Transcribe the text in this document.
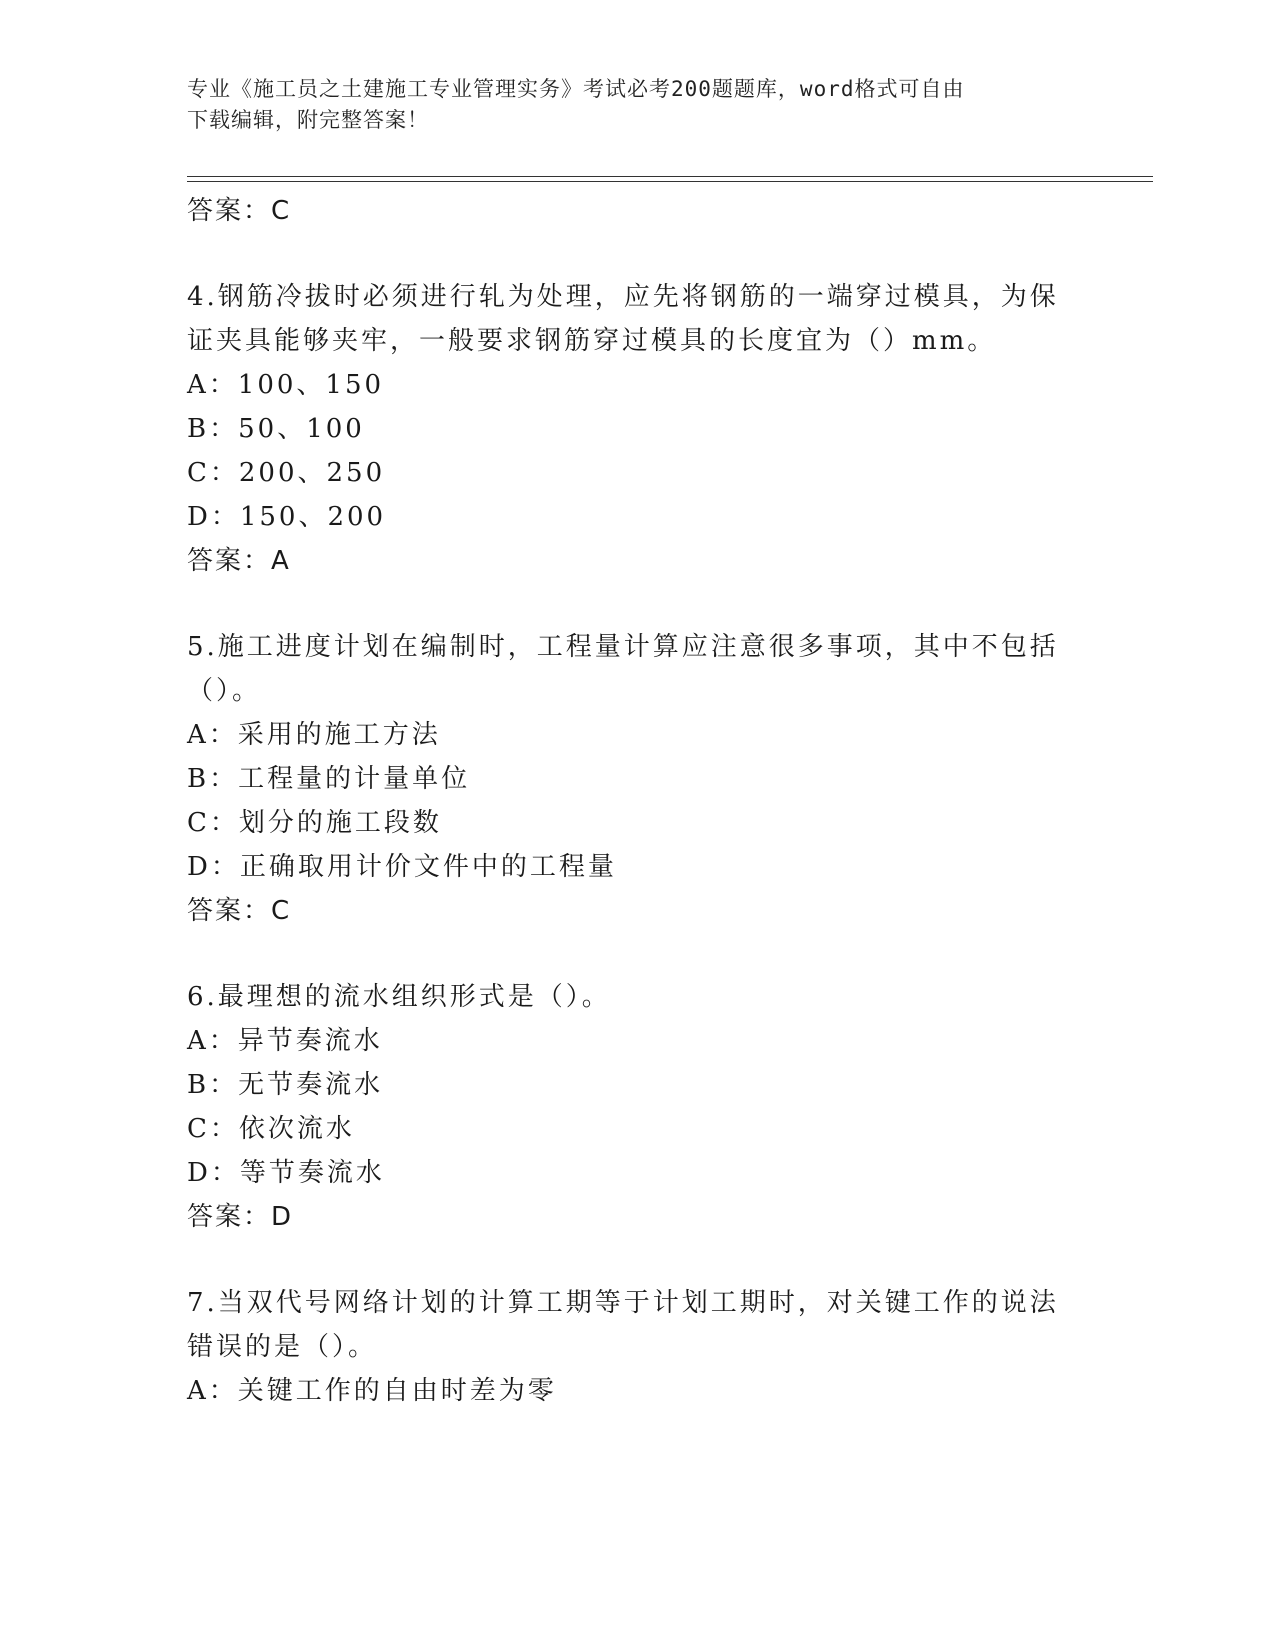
专业《施工员之土建施工专业管理实务》考试必考200题题库，word格式可自由
下载编辑，附完整答案！
答案：C
4.钢筋冷拔时必须进行轧为处理，应先将钢筋的一端穿过模具，为保
证夹具能够夹牢，一般要求钢筋穿过模具的长度宜为（）mm。
A：100、150
B：50、100
C：200、250
D：150、200
答案：A
5.施工进度计划在编制时，工程量计算应注意很多事项，其中不包括
（）。
A：采用的施工方法
B：工程量的计量单位
C：划分的施工段数
D：正确取用计价文件中的工程量
答案：C
6.最理想的流水组织形式是（）。
A：异节奏流水
B：无节奏流水
C：依次流水
D：等节奏流水
答案：D
7.当双代号网络计划的计算工期等于计划工期时，对关键工作的说法
错误的是（）。
A：关键工作的自由时差为零
